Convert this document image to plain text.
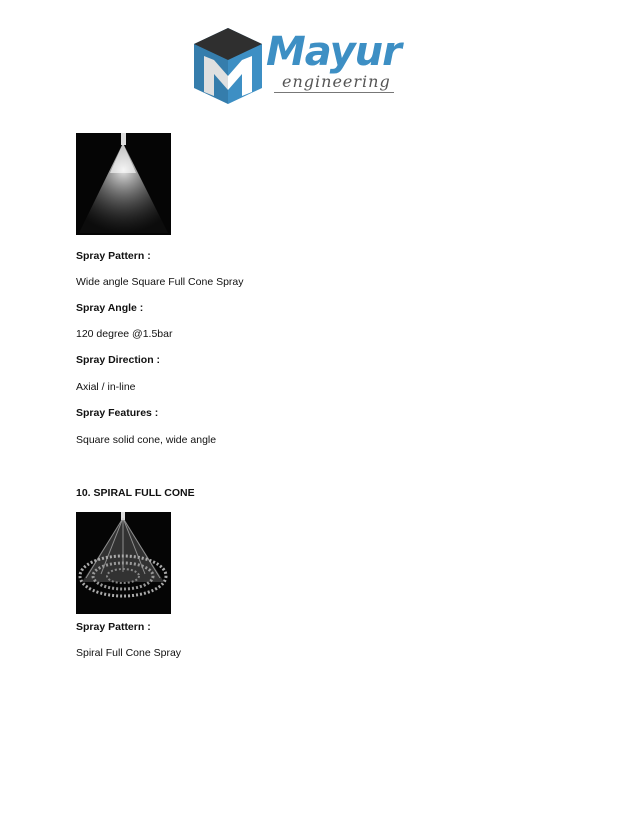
Mayur
engineering
Spray Pattern :
Wide angle Square Full Cone Spray
Spray Angle :
120 degree @1.5bar
Spray Direction :
Axial / in-line
Spray Features :
Square solid cone, wide angle
10. SPIRAL FULL CONE
Spray Pattern :
Spiral Full Cone Spray
